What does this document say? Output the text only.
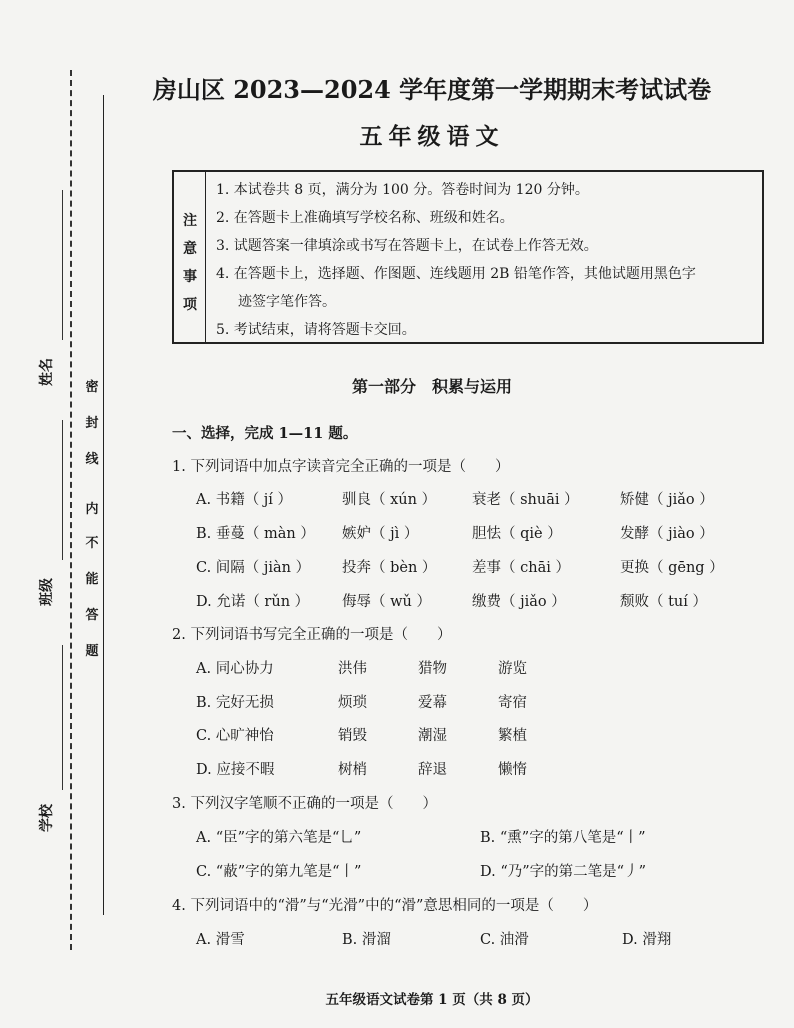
姓名
班级
学校
密
封
线
内
不
能
答
题
房山区 2023—2024 学年度第一学期期末考试试卷
五年级语文
注
意
事
项
1. 本试卷共 8 页，满分为 100 分。答卷时间为 120 分钟。
2. 在答题卡上准确填写学校名称、班级和姓名。
3. 试题答案一律填涂或书写在答题卡上，在试卷上作答无效。
4. 在答题卡上，选择题、作图题、连线题用 2B 铅笔作答，其他试题用黑色字
迹签字笔作答。
5. 考试结束，请将答题卡交回。
第一部分　积累与运用
一、选择，完成 1—11 题。
1. 下列词语中加点字读音完全正确的一项是（　　）
A. 书籍（ jí ）	驯良（ xún ） 衰老（ shuāi ）	矫健（ jiǎo ）
B. 垂蔓（ màn ） 嫉妒（ jì ）	胆怯（ qiè ）	发酵（ jiào ）
C. 间隔（ jiàn ） 投奔（ bèn ） 差事（ chāi ）	更换（ gēng ）
D. 允诺（ rǔn ） 侮辱（ wǔ ）	缴费（ jiǎo ）	颓败（ tuí ）
2. 下列词语书写完全正确的一项是（　　）
A. 同心协力	洪伟	猎物	游览
B. 完好无损	烦琐	爱幕	寄宿
C. 心旷神怡	销毁	潮湿	繁植
D. 应接不暇	树梢	辞退	懒惰
3. 下列汉字笔顺不正确的一项是（　　）
A. “臣”字的第六笔是“乚”	B. “熏”字的第八笔是“丨”
C. “蔽”字的第九笔是“丨”	D. “乃”字的第二笔是“丿”
4. 下列词语中的“滑”与“光滑”中的“滑”意思相同的一项是（　　）
A. 滑雪	B. 滑溜	C. 油滑	D. 滑翔
五年级语文试卷第 1 页（共 8 页）
